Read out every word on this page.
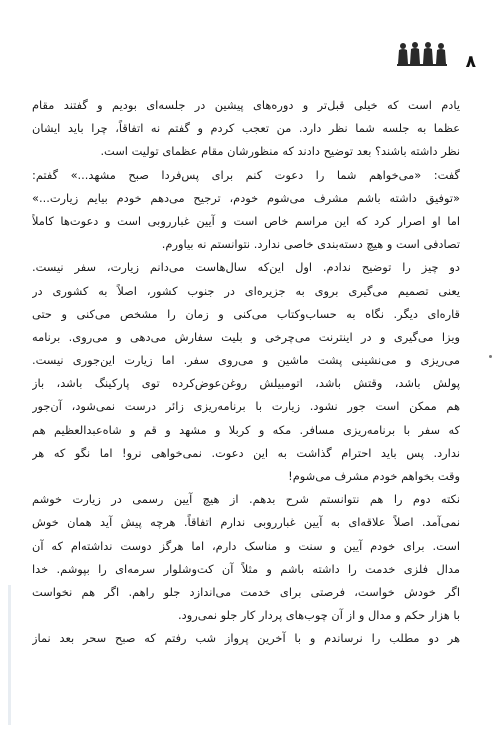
۸
یادم است که خیلی قبل‌تر و دوره‌های پیشین در جلسه‌ای بودیم و گفتند مقام
عظما به جلسه شما نظر دارد. من تعجب کردم و گفتم نه اتفاقاً، چرا باید ایشان
نظر داشته باشند؟ بعد توضیح دادند که منظورشان مقام عظمای تولیت است.
گفت: «می‌خواهم شما را دعوت کنم برای پس‌فردا صبح مشهد...» گفتم:
«توفیق داشته باشم مشرف می‌شوم خودم، ترجیح می‌دهم خودم بیایم زیارت...»
اما او اصرار کرد که این مراسم خاص است و آیین غبارروبی است و دعوت‌ها کاملاً
تصادفی است و هیچ دسته‌بندی خاصی ندارد. نتوانستم نه بیاورم.
دو چیز را توضیح ندادم. اول این‌که سال‌هاست می‌دانم زیارت، سفر نیست.
یعنی تصمیم می‌گیری بروی به جزیره‌ای در جنوب کشور، اصلاً به کشوری در
قاره‌ای دیگر. نگاه به حساب‌وکتاب می‌کنی و زمان را مشخص می‌کنی و حتی
ویزا می‌گیری و در اینترنت می‌چرخی و بلیت سفارش می‌دهی و می‌روی. برنامه
می‌ریزی و می‌نشینی پشت ماشین و می‌روی سفر. اما زیارت این‌جوری نیست.
پولش باشد، وقتش باشد، اتومبیلش روغن‌عوض‌کرده توی پارکینگ باشد، باز
هم ممکن است جور نشود. زیارت با برنامه‌ریزی زائر درست نمی‌شود، آن‌جور
که سفر با برنامه‌ریزی مسافر. مکه و کربلا و مشهد و قم و شاه‌عبدالعظیم هم
ندارد. پس باید احترام گذاشت به این دعوت. نمی‌خواهی نرو! اما نگو که هر
وقت بخواهم خودم مشرف می‌شوم!
نکته دوم را هم نتوانستم شرح بدهم. از هیچ آیین رسمی در زیارت خوشم
نمی‌آمد. اصلاً علاقه‌ای به آیین غبارروبی ندارم اتفاقاً. هرچه پیش آید همان خوش
است. برای خودم آیین و سنت و مناسک دارم، اما هرگز دوست نداشته‌ام که آن
مدال فلزی خدمت را داشته باشم و مثلاً آن کت‌وشلوار سرمه‌ای را بپوشم. خدا
اگر خودش خواست، فرصتی برای خدمت می‌اندازد جلو راهم. اگر هم نخواست
با هزار حکم و مدال و از آن چوب‌های پردار کار جلو نمی‌رود.
هر دو مطلب را نرساندم و با آخرین پرواز شب رفتم که صبح سحر بعد نماز
